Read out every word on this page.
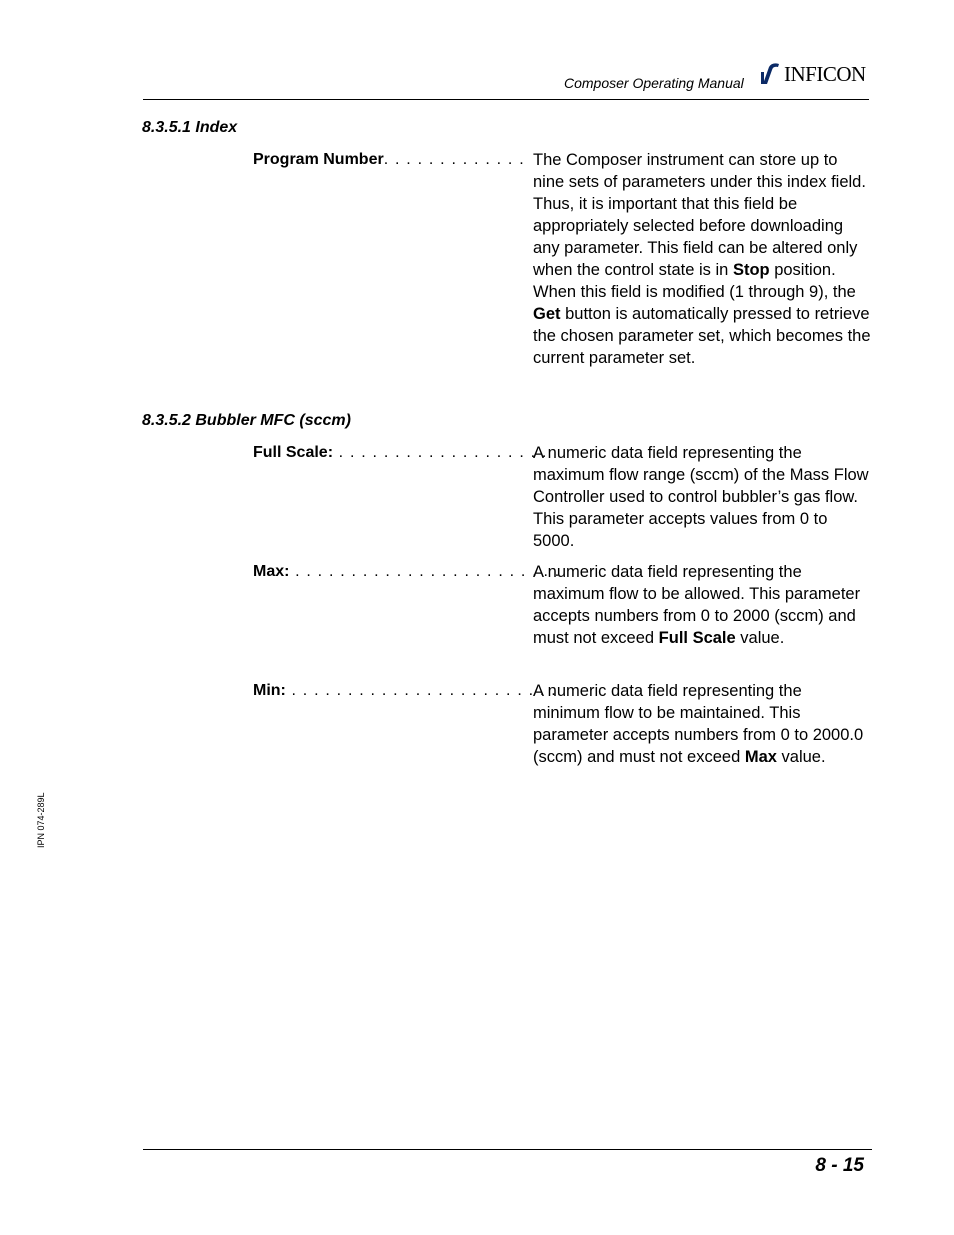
Composer Operating Manual INFICON
8.3.5.1 Index
Program Number. . . . . . . . . . . . . The Composer instrument can store up to nine sets of parameters under this index field. Thus, it is important that this field be appropriately selected before downloading any parameter. This field can be altered only when the control state is in Stop position. When this field is modified (1 through 9), the Get button is automatically pressed to retrieve the chosen parameter set, which becomes the current parameter set.
8.3.5.2 Bubbler MFC (sccm)
Full Scale: . . . . . . . . . . . . . . . . . . .
A numeric data field representing the maximum flow range (sccm) of the Mass Flow Controller used to control bubbler’s gas flow. This parameter accepts values from 0 to 5000.
Max: . . . . . . . . . . . . . . . . . . . . . . . .
A numeric data field representing the maximum flow to be allowed. This parameter accepts numbers from 0 to 2000 (sccm) and must not exceed Full Scale value.
Min: . . . . . . . . . . . . . . . . . . . . . . . .
A numeric data field representing the minimum flow to be maintained. This parameter accepts numbers from 0 to 2000.0 (sccm) and must not exceed Max value.
IPN 074-289L
8 - 15
